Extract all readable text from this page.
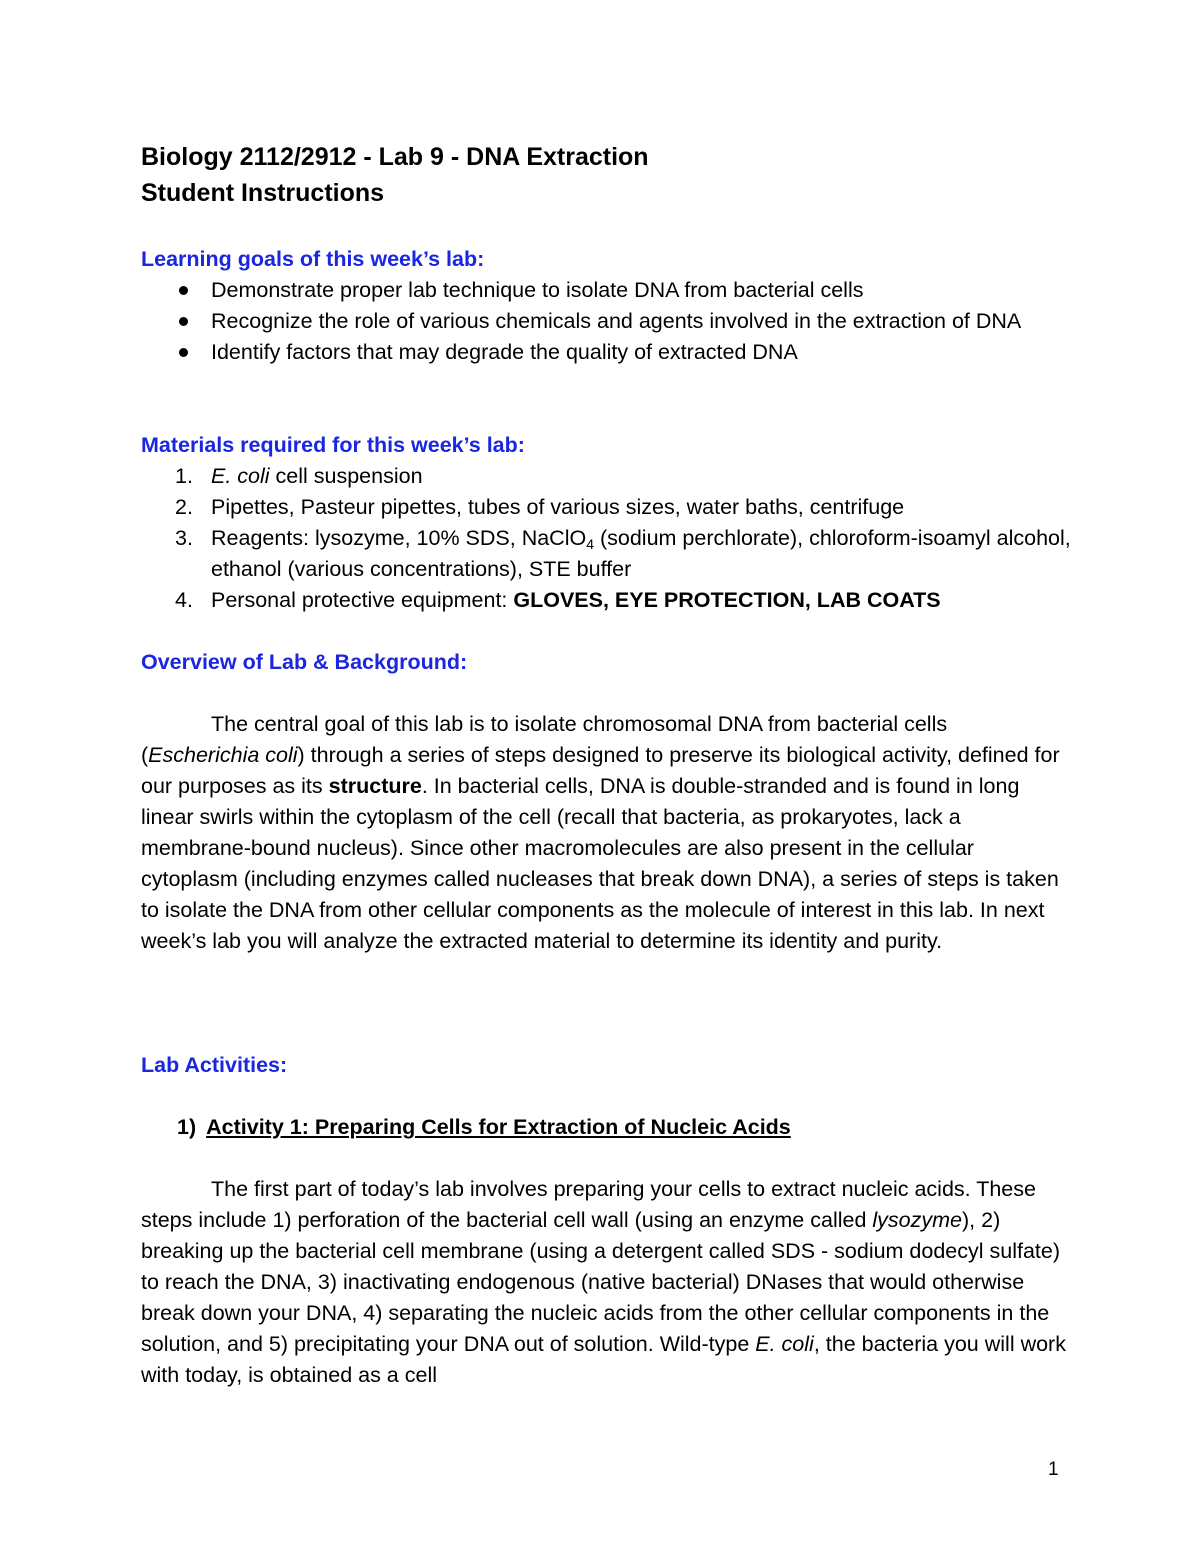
Biology 2112/2912 - Lab 9 - DNA Extraction
Student Instructions
Learning goals of this week’s lab:
Demonstrate proper lab technique to isolate DNA from bacterial cells
Recognize the role of various chemicals and agents involved in the extraction of DNA
Identify factors that may degrade the quality of extracted DNA
Materials required for this week’s lab:
1. E. coli cell suspension
2. Pipettes, Pasteur pipettes, tubes of various sizes, water baths, centrifuge
3. Reagents: lysozyme, 10% SDS, NaClO$_4$ (sodium perchlorate), chloroform-isoamyl alcohol, ethanol (various concentrations), STE buffer
4. Personal protective equipment: GLOVES, EYE PROTECTION, LAB COATS
Overview of Lab & Background:

The central goal of this lab is to isolate chromosomal DNA from bacterial cells (Escherichia coli) through a series of steps designed to preserve its biological activity, defined for our purposes as its structure. In bacterial cells, DNA is double-stranded and is found in long linear swirls within the cytoplasm of the cell (recall that bacteria, as prokaryotes, lack a membrane-bound nucleus). Since other macromolecules are also present in the cellular cytoplasm (including enzymes called nucleases that break down DNA), a series of steps is taken to isolate the DNA from other cellular components as the molecule of interest in this lab. In next week’s lab you will analyze the extracted material to determine its identity and purity.

Lab Activities:
1) Activity 1: Preparing Cells for Extraction of Nucleic Acids

The first part of today’s lab involves preparing your cells to extract nucleic acids. These steps include 1) perforation of the bacterial cell wall (using an enzyme called lysozyme), 2) breaking up the bacterial cell membrane (using a detergent called SDS - sodium dodecyl sulfate) to reach the DNA, 3) inactivating endogenous (native bacterial) DNases that would otherwise break down your DNA, 4) separating the nucleic acids from the other cellular components in the solution, and 5) precipitating your DNA out of solution. Wild-type E. coli, the bacteria you will work with today, is obtained as a cell

1
